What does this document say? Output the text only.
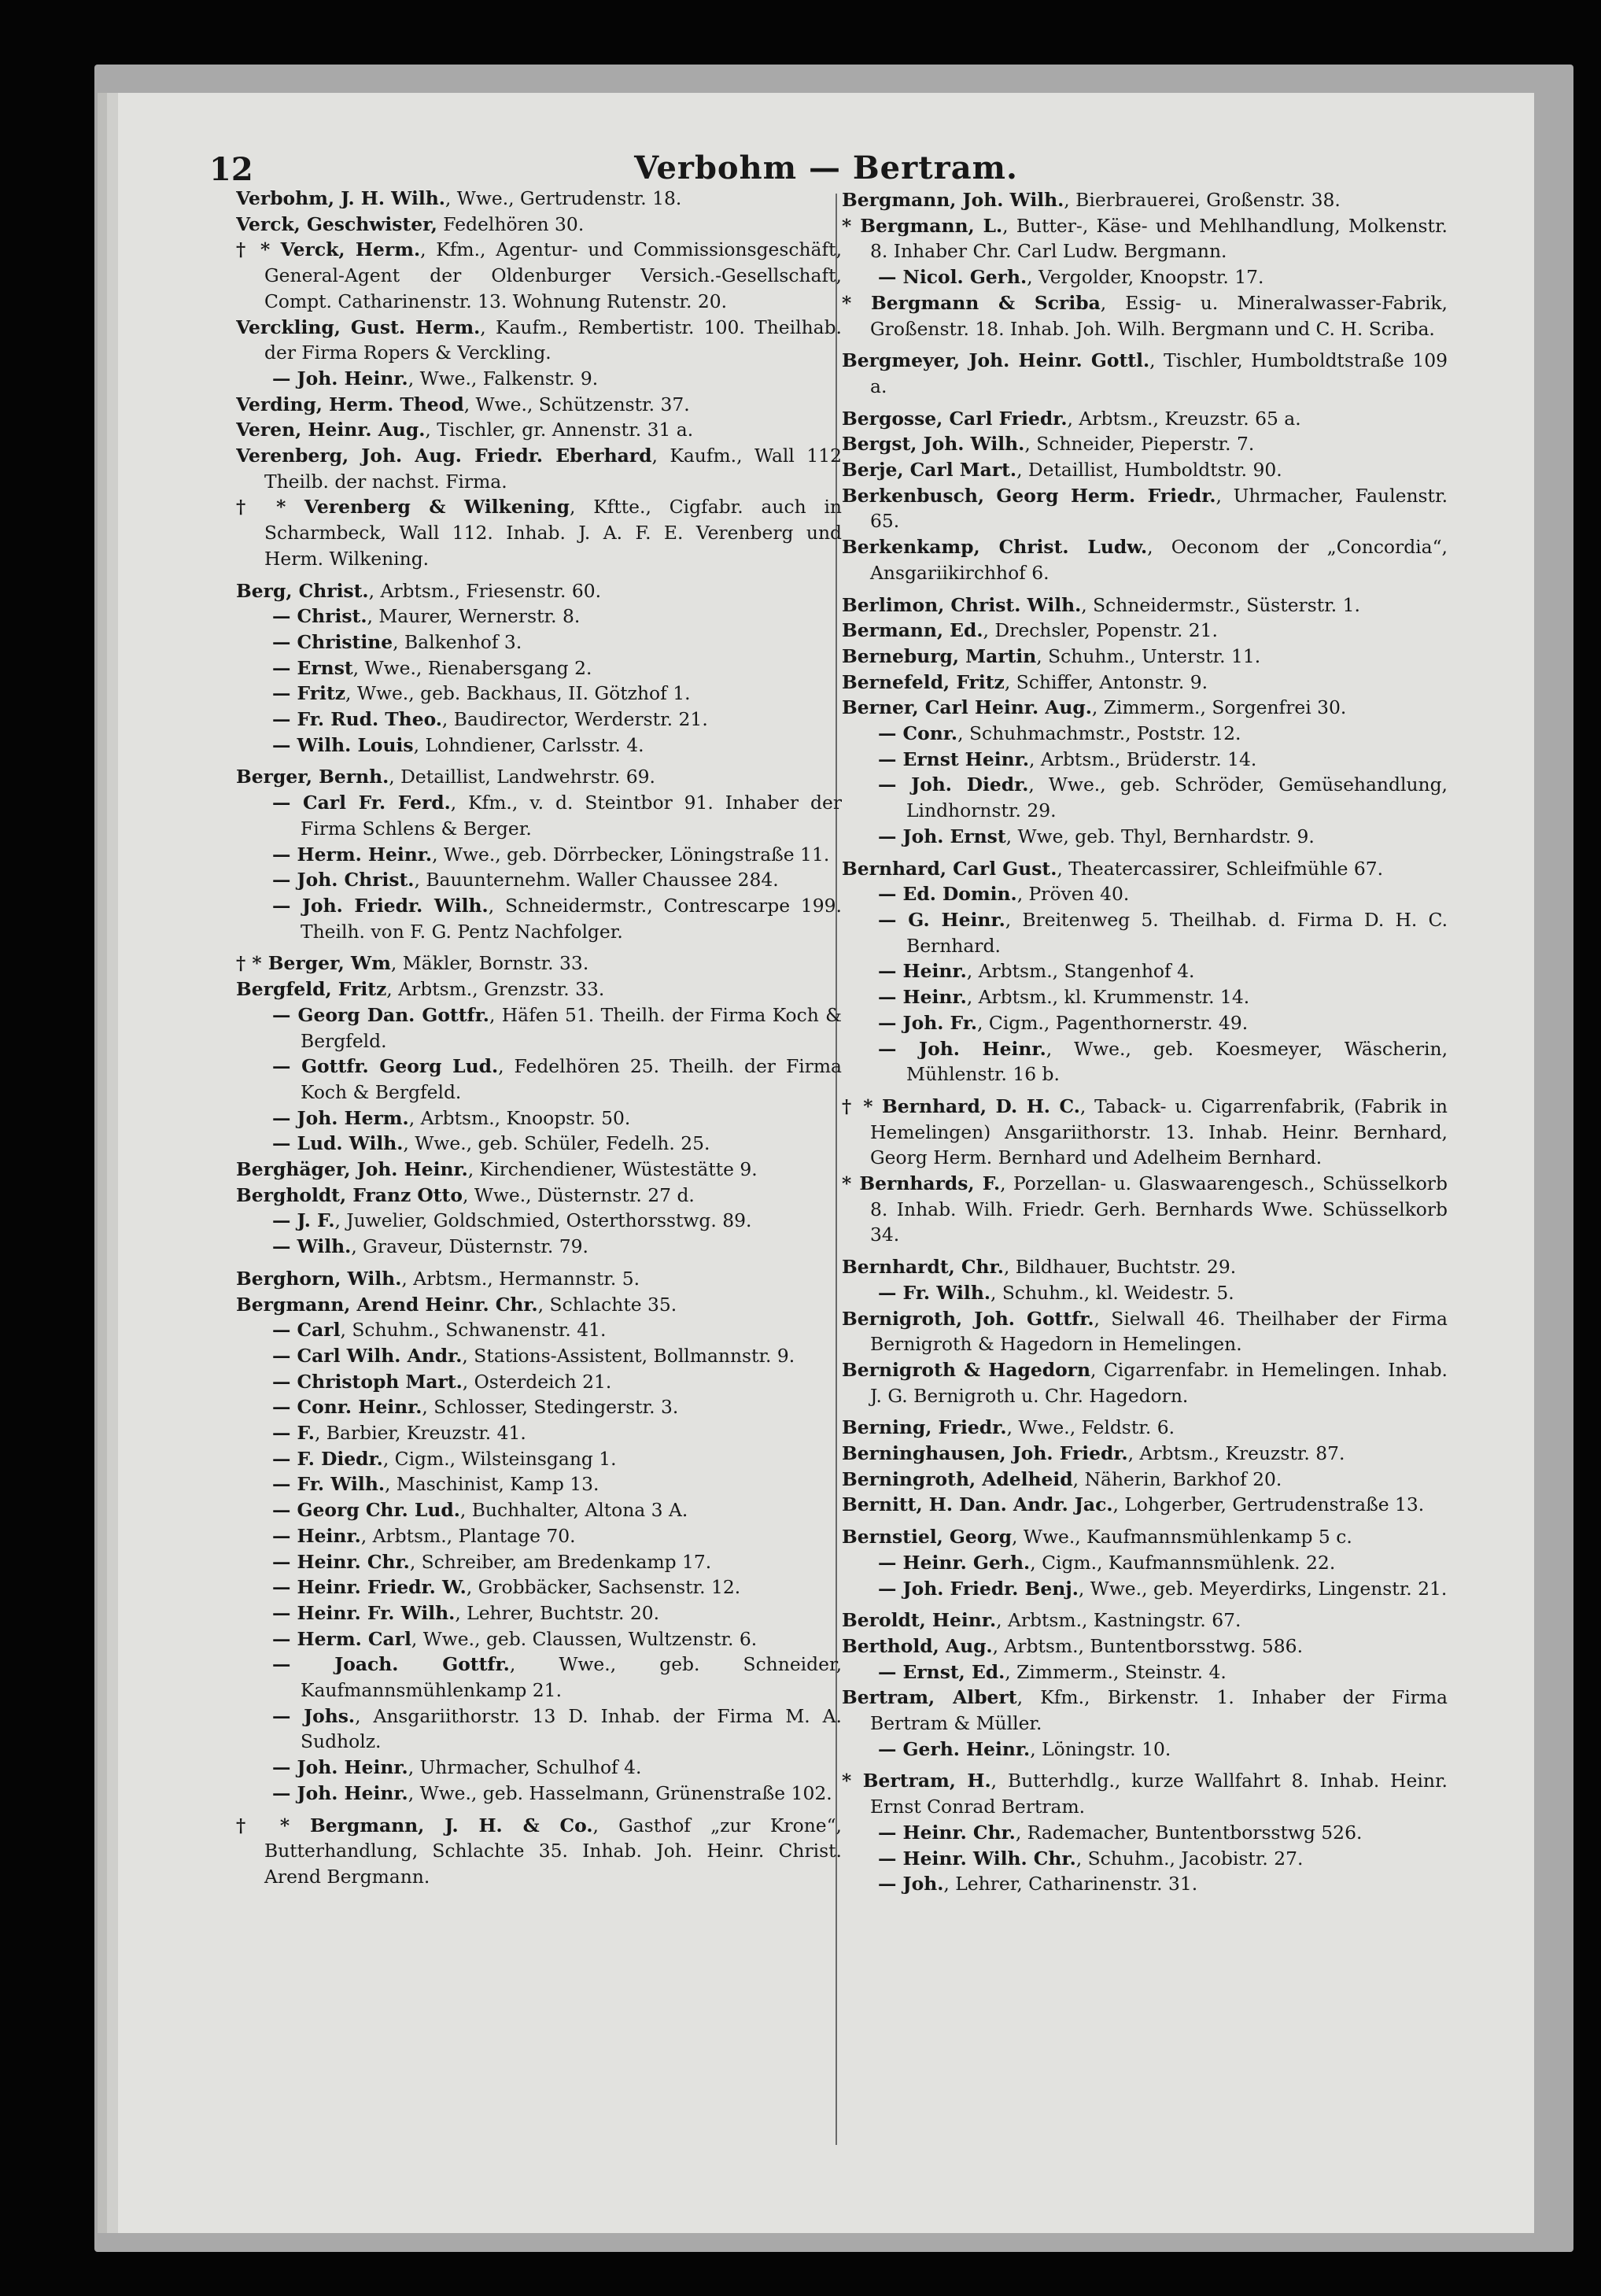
12	Verbohm — Bertram.

Verbohm, J. H. Wilh., Wwe., Gertrudenstr. 18.

Verck, Geschwister, Fedelhören 30.

† * Verck, Herm., Kfm., Agentur- und Commissionsgeschäft, General-Agent der Oldenburger Versich.-Gesellschaft, Compt. Catharinenstr. 13. Wohnung Rutenstr. 20.

Verckling, Gust. Herm., Kaufm., Rembertistr. 100. Theilhab. der Firma Ropers & Verckling.

— Joh. Heinr., Wwe., Falkenstr. 9.

Verding, Herm. Theod, Wwe., Schützenstr. 37.

Veren, Heinr. Aug., Tischler, gr. Annenstr. 31 a.

Verenberg, Joh. Aug. Friedr. Eberhard, Kaufm., Wall 112 Theilb. der nachst. Firma.

† * Verenberg & Wilkening, Kftte., Cigfabr. auch in Scharmbeck, Wall 112. Inhab. J. A. F. E. Verenberg und Herm. Wilkening.

Berg, Christ., Arbtsm., Friesenstr. 60.

— Christ., Maurer, Wernerstr. 8.

— Christine, Balkenhof 3.

— Ernst, Wwe., Rienabersgang 2.

— Fritz, Wwe., geb. Backhaus, II. Götzhof 1.

— Fr. Rud. Theo., Baudirector, Werderstr. 21.

— Wilh. Louis, Lohndiener, Carlsstr. 4.

Berger, Bernh., Detaillist, Landwehrstr. 69.

— Carl Fr. Ferd., Kfm., v. d. Steintbor 91. Inhaber der Firma Schlens & Berger.

— Herm. Heinr., Wwe., geb. Dörrbecker, Löningstraße 11.

— Joh. Christ., Bauunternehm. Waller Chaussee 284.

— Joh. Friedr. Wilh., Schneidermstr., Contrescarpe 199. Theilh. von F. G. Pentz Nachfolger.

† * Berger, Wm, Mäkler, Bornstr. 33.

Bergfeld, Fritz, Arbtsm., Grenzstr. 33.

— Georg Dan. Gottfr., Häfen 51. Theilh. der Firma Koch & Bergfeld.

— Gottfr. Georg Lud., Fedelhören 25. Theilh. der Firma Koch & Bergfeld.

— Joh. Herm., Arbtsm., Knoopstr. 50.

— Lud. Wilh., Wwe., geb. Schüler, Fedelh. 25.

Berghäger, Joh. Heinr., Kirchendiener, Wüstestätte 9.

Bergholdt, Franz Otto, Wwe., Düsternstr. 27 d.

— J. F., Juwelier, Goldschmied, Osterthorsstwg. 89.

— Wilh., Graveur, Düsternstr. 79.

Berghorn, Wilh., Arbtsm., Hermannstr. 5.

Bergmann, Arend Heinr. Chr., Schlachte 35.

— Carl, Schuhm., Schwanenstr. 41.

— Carl Wilh. Andr., Stations-Assistent, Bollmannstr. 9.

— Christoph Mart., Osterdeich 21.

— Conr. Heinr., Schlosser, Stedingerstr. 3.

— F., Barbier, Kreuzstr. 41.

— F. Diedr., Cigm., Wilsteinsgang 1.

— Fr. Wilh., Maschinist, Kamp 13.

— Georg Chr. Lud., Buchhalter, Altona 3 A.

— Heinr., Arbtsm., Plantage 70.

— Heinr. Chr., Schreiber, am Bredenkamp 17.

— Heinr. Friedr. W., Grobbäcker, Sachsenstr. 12.

— Heinr. Fr. Wilh., Lehrer, Buchtstr. 20.

— Herm. Carl, Wwe., geb. Claussen, Wultzenstr. 6.

— Joach. Gottfr., Wwe., geb. Schneider, Kaufmannsmühlenkamp 21.

— Johs., Ansgariithorstr. 13 D. Inhab. der Firma M. A. Sudholz.

— Joh. Heinr., Uhrmacher, Schulhof 4.

— Joh. Heinr., Wwe., geb. Hasselmann, Grünenstraße 102.

† * Bergmann, J. H. & Co., Gasthof „zur Krone“, Butterhandlung, Schlachte 35. Inhab. Joh. Heinr. Christ. Arend Bergmann.

Bergmann, Joh. Wilh., Bierbrauerei, Großenstr. 38.

* Bergmann, L., Butter-, Käse- und Mehlhandlung, Molkenstr. 8. Inhaber Chr. Carl Ludw. Bergmann.

— Nicol. Gerh., Vergolder, Knoopstr. 17.

* Bergmann & Scriba, Essig- u. Mineralwasser-Fabrik, Großenstr. 18. Inhab. Joh. Wilh. Bergmann und C. H. Scriba.

Bergmeyer, Joh. Heinr. Gottl., Tischler, Humboldtstraße 109 a.

Bergosse, Carl Friedr., Arbtsm., Kreuzstr. 65 a.

Bergst, Joh. Wilh., Schneider, Pieperstr. 7.

Berje, Carl Mart., Detaillist, Humboldtstr. 90.

Berkenbusch, Georg Herm. Friedr., Uhrmacher, Faulenstr. 65.

Berkenkamp, Christ. Ludw., Oeconom der „Concordia“, Ansgariikirchhof 6.

Berlimon, Christ. Wilh., Schneidermstr., Süsterstr. 1.

Bermann, Ed., Drechsler, Popenstr. 21.

Berneburg, Martin, Schuhm., Unterstr. 11.

Bernefeld, Fritz, Schiffer, Antonstr. 9.

Berner, Carl Heinr. Aug., Zimmerm., Sorgenfrei 30.

— Conr., Schuhmachmstr., Poststr. 12.

— Ernst Heinr., Arbtsm., Brüderstr. 14.

— Joh. Diedr., Wwe., geb. Schröder, Gemüsehandlung, Lindhornstr. 29.

— Joh. Ernst, Wwe, geb. Thyl, Bernhardstr. 9.

Bernhard, Carl Gust., Theatercassirer, Schleifmühle 67.

— Ed. Domin., Pröven 40.

— G. Heinr., Breitenweg 5. Theilhab. d. Firma D. H. C. Bernhard.

— Heinr., Arbtsm., Stangenhof 4.

— Heinr., Arbtsm., kl. Krummenstr. 14.

— Joh. Fr., Cigm., Pagenthornerstr. 49.

— Joh. Heinr., Wwe., geb. Koesmeyer, Wäscherin, Mühlenstr. 16 b.

† * Bernhard, D. H. C., Taback- u. Cigarrenfabrik, (Fabrik in Hemelingen) Ansgariithorstr. 13. Inhab. Heinr. Bernhard, Georg Herm. Bernhard und Adelheim Bernhard.

* Bernhards, F., Porzellan- u. Glaswaarengesch., Schüsselkorb 8. Inhab. Wilh. Friedr. Gerh. Bernhards Wwe. Schüsselkorb 34.

Bernhardt, Chr., Bildhauer, Buchtstr. 29.

— Fr. Wilh., Schuhm., kl. Weidestr. 5.

Bernigroth, Joh. Gottfr., Sielwall 46. Theilhaber der Firma Bernigroth & Hagedorn in Hemelingen.

Bernigroth & Hagedorn, Cigarrenfabr. in Hemelingen. Inhab. J. G. Bernigroth u. Chr. Hagedorn.

Berning, Friedr., Wwe., Feldstr. 6.

Berninghausen, Joh. Friedr., Arbtsm., Kreuzstr. 87.

Berningroth, Adelheid, Näherin, Barkhof 20.

Bernitt, H. Dan. Andr. Jac., Lohgerber, Gertrudenstraße 13.

Bernstiel, Georg, Wwe., Kaufmannsmühlenkamp 5 c.

— Heinr. Gerh., Cigm., Kaufmannsmühlenk. 22.

— Joh. Friedr. Benj., Wwe., geb. Meyerdirks, Lingenstr. 21.

Beroldt, Heinr., Arbtsm., Kastningstr. 67.

Berthold, Aug., Arbtsm., Buntentborsstwg. 586.

— Ernst, Ed., Zimmerm., Steinstr. 4.

Bertram, Albert, Kfm., Birkenstr. 1. Inhaber der Firma Bertram & Müller.

— Gerh. Heinr., Löningstr. 10.

* Bertram, H., Butterhdlg., kurze Wallfahrt 8. Inhab. Heinr. Ernst Conrad Bertram.

— Heinr. Chr., Rademacher, Buntentborsstwg 526.

— Heinr. Wilh. Chr., Schuhm., Jacobistr. 27.

— Joh., Lehrer, Catharinenstr. 31.
